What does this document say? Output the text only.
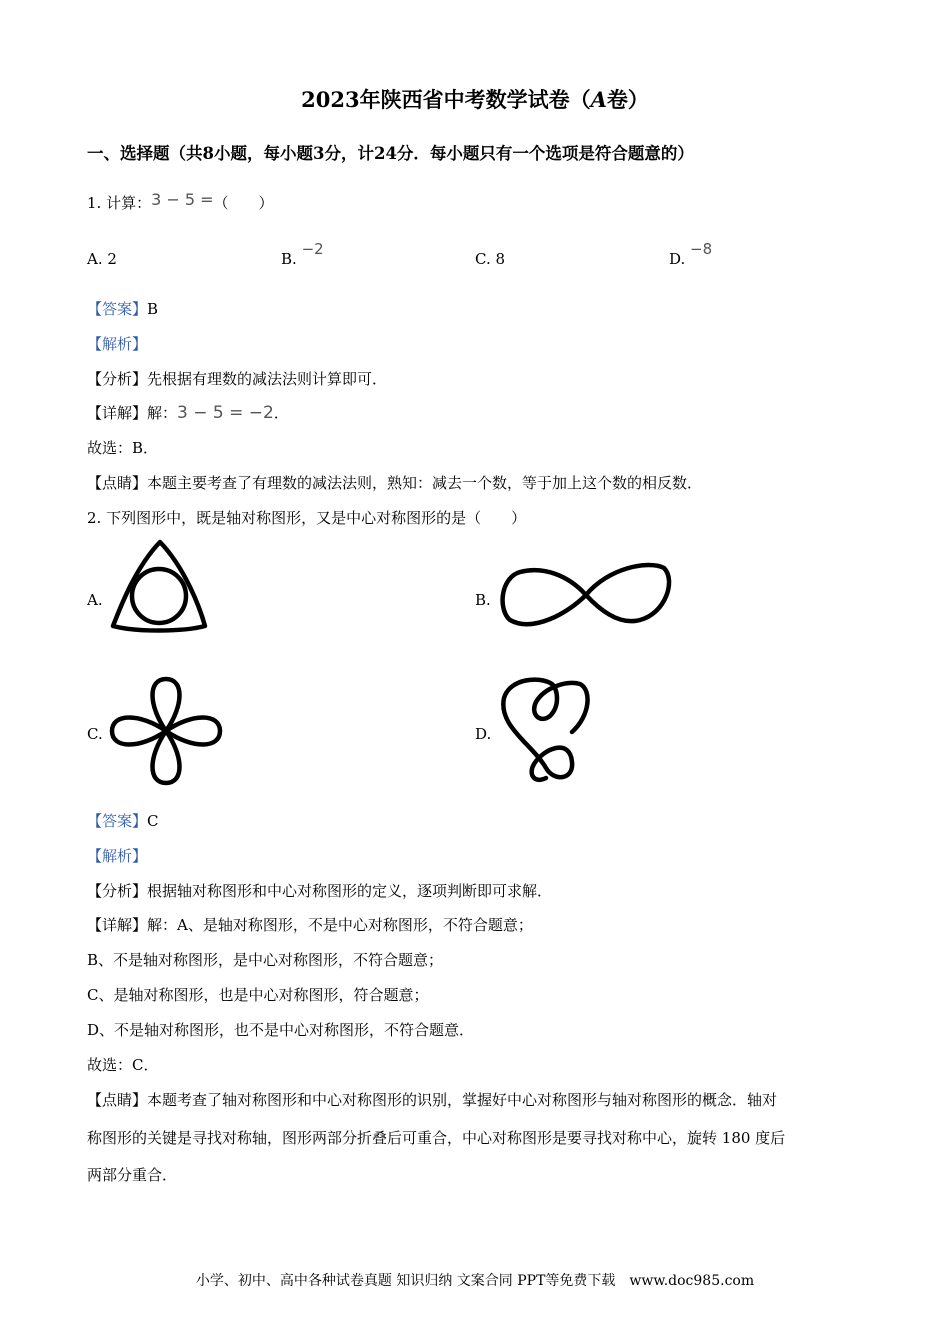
2023年陕西省中考数学试卷（A卷）
一、选择题（共8小题，每小题3分，计24分．每小题只有一个选项是符合题意的）
1. 计算：3 − 5 =（　　）
A. 2	B. −2
C. 8	D. −8
【答案】B
【解析】
【分析】先根据有理数的减法法则计算即可．
【详解】解：3 − 5 = −2．
故选：B．
【点睛】本题主要考查了有理数的减法法则，熟知：减去一个数，等于加上这个数的相反数．
2. 下列图形中，既是轴对称图形，又是中心对称图形的是（　　）
A.	B.
C.	D.
【答案】C
【解析】
【分析】根据轴对称图形和中心对称图形的定义，逐项判断即可求解．
【详解】解：A、是轴对称图形，不是中心对称图形，不符合题意；
B、不是轴对称图形，是中心对称图形，不符合题意；
C、是轴对称图形，也是中心对称图形，符合题意；
D、不是轴对称图形，也不是中心对称图形，不符合题意．
故选：C．
【点睛】本题考查了轴对称图形和中心对称图形的识别，掌握好中心对称图形与轴对称图形的概念．轴对
称图形的关键是寻找对称轴，图形两部分折叠后可重合，中心对称图形是要寻找对称中心，旋转 180 度后
两部分重合．
小学、初中、高中各种试卷真题 知识归纳 文案合同 PPT等免费下载 www.doc985.com
